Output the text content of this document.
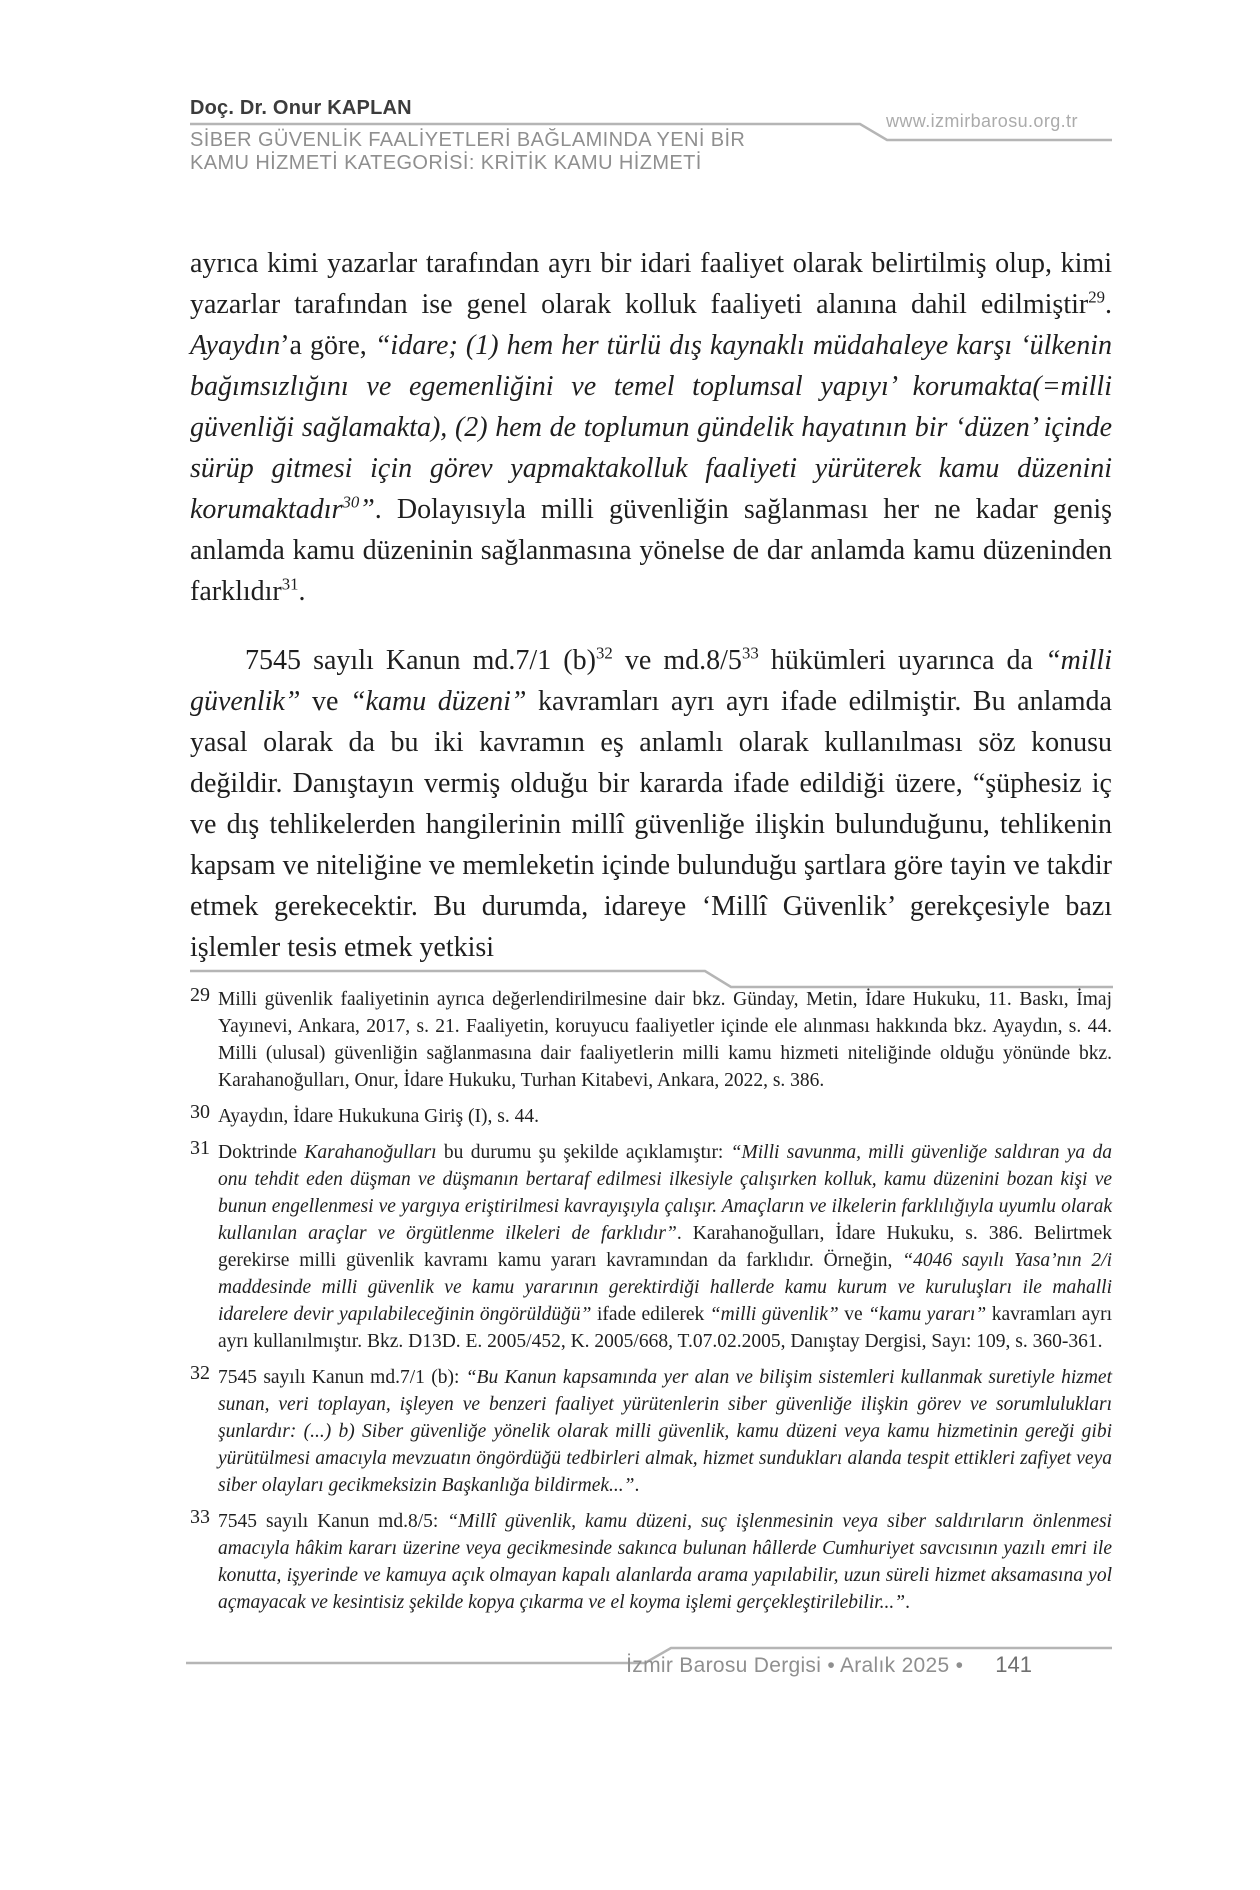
Doç. Dr. Onur KAPLAN
www.izmirbarosu.org.tr
SİBER GÜVENLİK FAALİYETLERİ BAĞLAMINDA YENİ BİR
KAMU HİZMETİ KATEGORİSİ: KRİTİK KAMU HİZMETİ

ayrıca kimi yazarlar tarafından ayrı bir idari faaliyet olarak belirtilmiş olup, kimi yazarlar tarafından ise genel olarak kolluk faaliyeti alanına dahil edilmiştir$^{29}$. Ayaydın’a göre, “idare; (1) hem her türlü dış kaynaklı müdahaleye karşı ‘ülkenin bağımsızlığını ve egemenliğini ve temel toplumsal yapıyı’ korumakta(=milli güvenliği sağlamakta), (2) hem de toplumun gündelik hayatının bir ‘düzen’ içinde sürüp gitmesi için görev yapmaktakolluk faaliyeti yürüterek kamu düzenini korumaktadır$^{30}$”. Dolayısıyla milli güvenliğin sağlanması her ne kadar geniş anlamda kamu düzeninin sağlanmasına yönelse de dar anlamda kamu düzeninden farklıdır$^{31}$.

7545 sayılı Kanun md.7/1 $(b)^{32}$ ve $md.8/5^{33}$ hükümleri uyarınca da “milli güvenlik” ve “kamu düzeni” kavramları ayrı ayrı ifade edilmiştir. Bu anlamda yasal olarak da bu iki kavramın eş anlamlı olarak kullanılması söz konusu değildir. Danıştayın vermiş olduğu bir kararda ifade edildiği üzere, “şüphesiz iç ve dış tehlikelerden hangilerinin millî güvenliğe ilişkin bulunduğunu, tehlikenin kapsam ve niteliğine ve memleketin içinde bulunduğu şartlara göre tayin ve takdir etmek gerekecektir. Bu durumda, idareye ‘Millî Güvenlik’ gerekçesiyle bazı işlemler tesis etmek yetkisi

29 Milli güvenlik faaliyetinin ayrıca değerlendirilmesine dair bkz. Günday, Metin, İdare Hukuku, 11. Baskı, İmaj Yayınevi, Ankara, 2017, s. 21. Faaliyetin, koruyucu faaliyetler içinde ele alınması hakkında bkz. Ayaydın, s. 44. Milli (ulusal) güvenliğin sağlanmasına dair faaliyetlerin milli kamu hizmeti niteliğinde olduğu yönünde bkz. Karahanoğulları, Onur, İdare Hukuku, Turhan Kitabevi, Ankara, 2022, s. 386.
30 Ayaydın, İdare Hukukuna Giriş (I), s. 44.
31 Doktrinde Karahanoğulları bu durumu şu şekilde açıklamıştır: “Milli savunma, milli güvenliğe saldıran ya da onu tehdit eden düşman ve düşmanın bertaraf edilmesi ilkesiyle çalışırken kolluk, kamu düzenini bozan kişi ve bunun engellenmesi ve yargıya eriştirilmesi kavrayışıyla çalışır. Amaçların ve ilkelerin farklılığıyla uyumlu olarak kullanılan araçlar ve örgütlenme ilkeleri de farklıdır”. Karahanoğulları, İdare Hukuku, s. 386. Belirtmek gerekirse milli güvenlik kavramı kamu yararı kavramından da farklıdır. Örneğin, “4046 sayılı Yasa’nın 2/i maddesinde milli güvenlik ve kamu yararının gerektirdiği hallerde kamu kurum ve kuruluşları ile mahalli idarelere devir yapılabileceğinin öngörüldüğü” ifade edilerek “milli güvenlik” ve “kamu yararı” kavramları ayrı ayrı kullanılmıştır. Bkz. D13D. E. 2005/452, K. 2005/668, T.07.02.2005, Danıştay Dergisi, Sayı: 109, s. 360-361.
32 7545 sayılı Kanun md.7/1 (b): “Bu Kanun kapsamında yer alan ve bilişim sistemleri kullanmak suretiyle hizmet sunan, veri toplayan, işleyen ve benzeri faaliyet yürütenlerin siber güvenliğe ilişkin görev ve sorumlulukları şunlardır: (...) b) Siber güvenliğe yönelik olarak milli güvenlik, kamu düzeni veya kamu hizmetinin gereği gibi yürütülmesi amacıyla mevzuatın öngördüğü tedbirleri almak, hizmet sundukları alanda tespit ettikleri zafiyet veya siber olayları gecikmeksizin Başkanlığa bildirmek...”.
33 7545 sayılı Kanun md.8/5: “Millî güvenlik, kamu düzeni, suç işlenmesinin veya siber saldırıların önlenmesi amacıyla hâkim kararı üzerine veya gecikmesinde sakınca bulunan hâllerde Cumhuriyet savcısının yazılı emri ile konutta, işyerinde ve kamuya açık olmayan kapalı alanlarda arama yapılabilir, uzun süreli hizmet aksamasına yol açmayacak ve kesintisiz şekilde kopya çıkarma ve el koyma işlemi gerçekleştirilebilir...”.
İzmir Barosu Dergisi • Aralık 2025 • 141
